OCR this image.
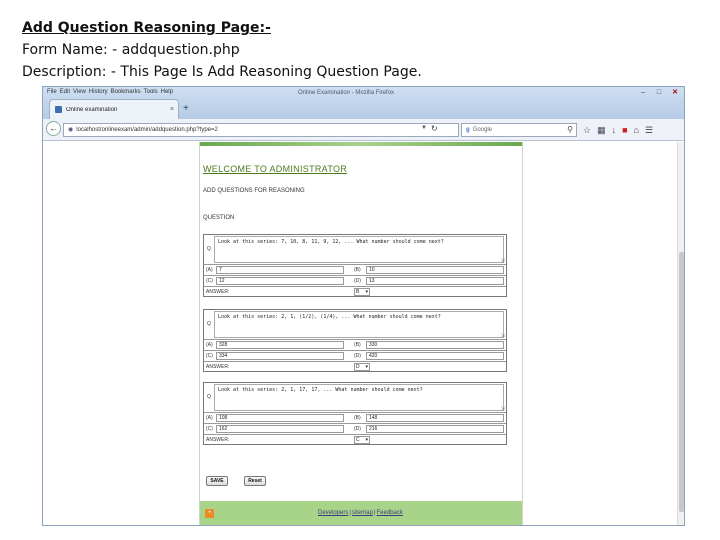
Add Question Reasoning Page:-
Form Name: - addquestion.php
Description: - This Page Is Add Reasoning Question Page.
File Edit View History Bookmarks Tools Help	Online Examination - Mozilla Firefox	–	□	✕
Online examination	× +
←	◉ localhost/onlineexam/admin/addquestion.php?type=2	▼ ↻	g Google	⚲ ☆ ▦ ↓ ■ ⌂ ☰
WELCOME TO ADMINISTRATOR
ADD QUESTIONS FOR REASONING
QUESTION
Q
Look at this series: 7, 10, 8, 11, 9, 12, ... What number should come next?
⇲
(A)	7	(B)	10
(C)	12	(D)	13
ANSWER:	B ▾
Q
Look at this series: 2, 1, (1/2), (1/4), ... What number should come next?
⇲
(A)	328	(B)	330
(C)	334	(D)	420
ANSWER:	D ▾
Q
Look at this series: 2, 1, 17, 17, ... What number should come next?
⇲
(A)	108	(B)	148
(C)	162	(D)	216
ANSWER:	C ▾
SAVE	Reset
•	Developers|sitemap|Feedback
